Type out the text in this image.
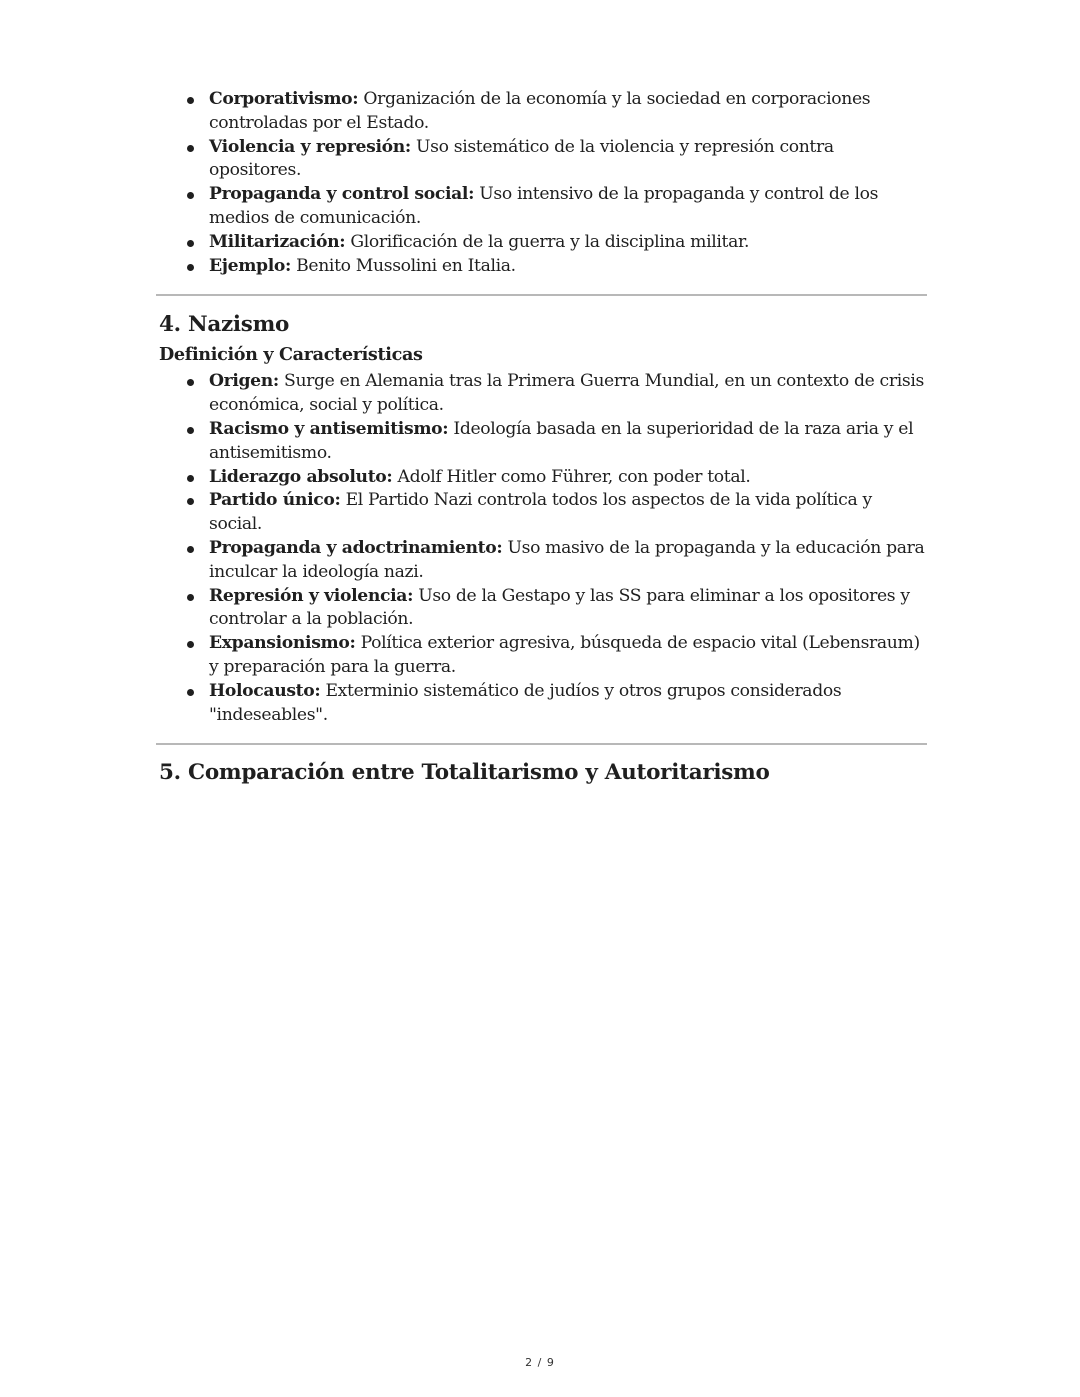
Corporativismo: Organización de la economía y la sociedad en corporaciones controladas por el Estado.
Violencia y represión: Uso sistemático de la violencia y represión contra opositores.
Propaganda y control social: Uso intensivo de la propaganda y control de los medios de comunicación.
Militarización: Glorificación de la guerra y la disciplina militar.
Ejemplo: Benito Mussolini en Italia.
4. Nazismo
Definición y Características
Origen: Surge en Alemania tras la Primera Guerra Mundial, en un contexto de crisis económica, social y política.
Racismo y antisemitismo: Ideología basada en la superioridad de la raza aria y el antisemitismo.
Liderazgo absoluto: Adolf Hitler como Führer, con poder total.
Partido único: El Partido Nazi controla todos los aspectos de la vida política y social.
Propaganda y adoctrinamiento: Uso masivo de la propaganda y la educación para inculcar la ideología nazi.
Represión y violencia: Uso de la Gestapo y las SS para eliminar a los opositores y controlar a la población.
Expansionismo: Política exterior agresiva, búsqueda de espacio vital (Lebensraum) y preparación para la guerra.
Holocausto: Exterminio sistemático de judíos y otros grupos considerados "indeseables".
5. Comparación entre Totalitarismo y Autoritarismo
2 / 9
